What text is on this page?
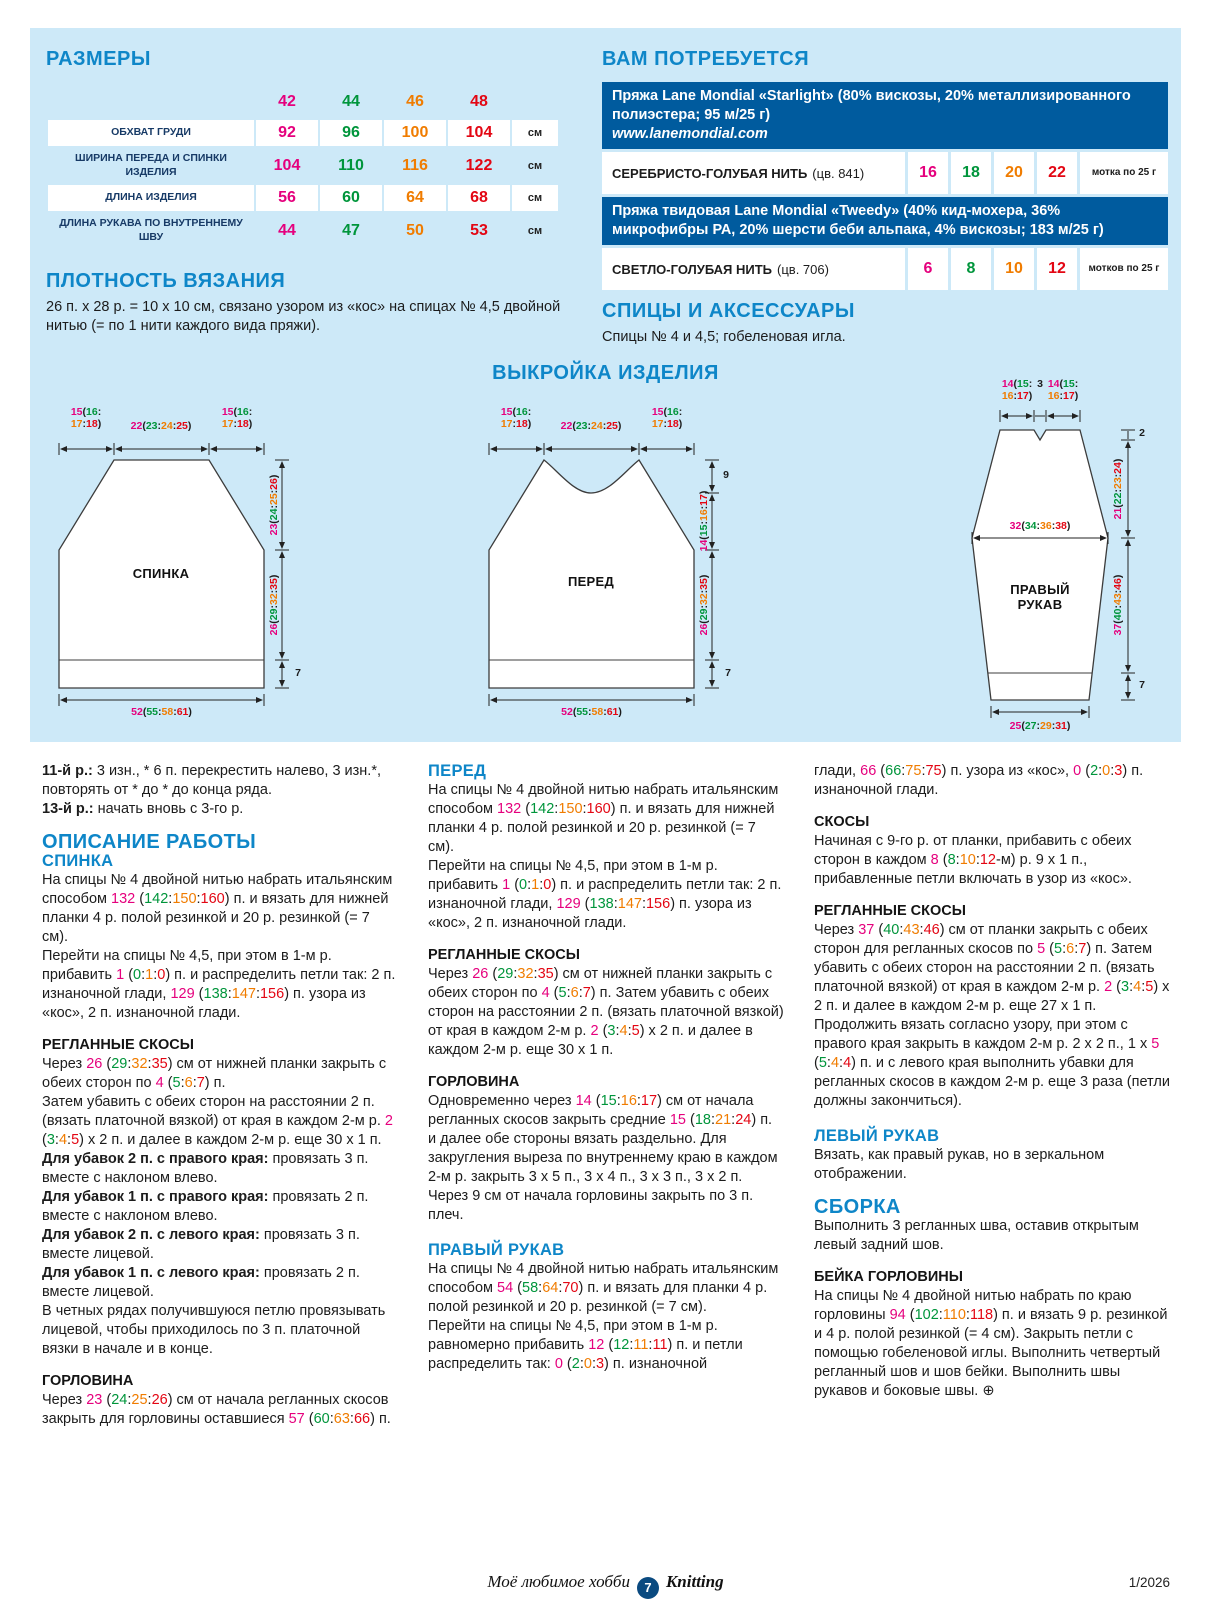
РАЗМЕРЫ
	42	44	46	48	
ОБХВАТ ГРУДИ	92	96	100	104	см
ШИРИНА ПЕРЕДА И СПИНКИ ИЗДЕЛИЯ	104	110	116	122	см
ДЛИНА ИЗДЕЛИЯ	56	60	64	68	см
ДЛИНА РУКАВА ПО ВНУТРЕННЕМУ ШВУ	44	47	50	53	см
ПЛОТНОСТЬ ВЯЗАНИЯ
26 п. х 28 р. = 10 х 10 см, связано узором из «кос» на спицах № 4,5 двойной нитью (= по 1 нити каждого вида пряжи).
ВАМ ПОТРЕБУЕТСЯ
Пряжа Lane Mondial «Starlight» (80% вискозы, 20% металлизированного полиэстера; 95 м/25 г)
www.lanemondial.com
СЕРЕБРИСТО-ГОЛУБАЯ НИТЬ (цв. 841)	16	18	20	22	мотка по 25 г
Пряжа твидовая Lane Mondial «Tweedy» (40% кид-мохера, 36% микрофибры РА, 20% шерсти беби альпака, 4% вискозы; 183 м/25 г)
СВЕТЛО-ГОЛУБАЯ НИТЬ (цв. 706)	6	8	10	12	мотков по 25 г
СПИЦЫ И АКСЕССУАРЫ
Спицы № 4 и 4,5; гобеленовая игла.
ВЫКРОЙКА ИЗДЕЛИЯ
15(16:
17:18)	22(23:24:25)
15(16:
17:18)
23(24:25:26)
26(29:32:35)
7
52(55:58:61)
СПИНКА
15(16:
17:18)	22(23:24:25)
15(16:
17:18)
9
14(15:16:17)
26(29:32:35)
7
52(55:58:61)
ПЕРЕД
14(15:
16:17)
3 14(15:
16:17)
2
21(22:23:24)
37(40:43:46)
7
32(34:36:38)
ПРАВЫЙ РУКАВ
25(27:29:31)

11-й р.: 3 изн., * 6 п. перекрестить налево, 3 изн.*, повторять от * до * до конца ряда.

13-й р.: начать вновь с 3-го р.

ОПИСАНИЕ РАБОТЫ
СПИНКА

На спицы № 4 двойной нитью набрать итальянским способом 132 (142:150:160) п. и вязать для нижней планки 4 р. полой резинкой и 20 р. резинкой (= 7 см).

Перейти на спицы № 4,5, при этом в 1-м р. прибавить 1 (0:1:0) п. и распределить петли так: 2 п. изнаночной глади, 129 (138:147:156) п. узора из «кос», 2 п. изнаночной глади.

РЕГЛАННЫЕ СКОСЫ

Через 26 (29:32:35) см от нижней планки закрыть с обеих сторон по 4 (5:6:7) п.

Затем убавить с обеих сторон на расстоянии 2 п. (вязать платочной вязкой) от края в каждом 2-м р. 2 (3:4:5) х 2 п. и далее в каждом 2-м р. еще 30 х 1 п.

Для убавок 2 п. с правого края: провязать 3 п. вместе с наклоном влево.

Для убавок 1 п. с правого края: провязать 2 п. вместе с наклоном влево.

Для убавок 2 п. с левого края: провязать 3 п. вместе лицевой.

Для убавок 1 п. с левого края: провязать 2 п. вместе лицевой.

В четных рядах получившуюся петлю провязывать лицевой, чтобы приходилось по 3 п. платочной вязки в начале и в конце.

ГОРЛОВИНА

Через 23 (24:25:26) см от начала регланных скосов закрыть для горловины оставшиеся 57 (60:63:66) п.

ПЕРЕД

На спицы № 4 двойной нитью набрать итальянским способом 132 (142:150:160) п. и вязать для нижней планки 4 р. полой резинкой и 20 р. резинкой (= 7 см).

Перейти на спицы № 4,5, при этом в 1-м р. прибавить 1 (0:1:0) п. и распределить петли так: 2 п. изнаночной глади, 129 (138:147:156) п. узора из «кос», 2 п. изнаночной глади.

РЕГЛАННЫЕ СКОСЫ

Через 26 (29:32:35) см от нижней планки закрыть с обеих сторон по 4 (5:6:7) п. Затем убавить с обеих сторон на расстоянии 2 п. (вязать платочной вязкой) от края в каждом 2-м р. 2 (3:4:5) х 2 п. и далее в каждом 2-м р. еще 30 х 1 п.

ГОРЛОВИНА

Одновременно через 14 (15:16:17) см от начала регланных скосов закрыть средние 15 (18:21:24) п. и далее обе стороны вязать раздельно. Для закругления выреза по внутреннему краю в каждом 2-м р. закрыть 3 х 5 п., 3 х 4 п., 3 х 3 п., 3 х 2 п.

Через 9 см от начала горловины закрыть по 3 п. плеч.

ПРАВЫЙ РУКАВ

На спицы № 4 двойной нитью набрать итальянским способом 54 (58:64:70) п. и вязать для планки 4 р. полой резинкой и 20 р. резинкой (= 7 см).

Перейти на спицы № 4,5, при этом в 1-м р. равномерно прибавить 12 (12:11:11) п. и петли распределить так: 0 (2:0:3) п. изнаночной

глади, 66 (66:75:75) п. узора из «кос», 0 (2:0:3) п. изнаночной глади.

СКОСЫ

Начиная с 9-го р. от планки, прибавить с обеих сторон в каждом 8 (8:10:12-м) р. 9 х 1 п., прибавленные петли включать в узор из «кос».

РЕГЛАННЫЕ СКОСЫ

Через 37 (40:43:46) см от планки закрыть с обеих сторон для регланных скосов по 5 (5:6:7) п. Затем убавить с обеих сторон на расстоянии 2 п. (вязать платочной вязкой) от края в каждом 2-м р. 2 (3:4:5) х 2 п. и далее в каждом 2-м р. еще 27 х 1 п.

Продолжить вязать согласно узору, при этом с правого края закрыть в каждом 2-м р. 2 х 2 п., 1 х 5 (5:4:4) п. и с левого края выполнить убавки для регланных скосов в каждом 2-м р. еще 3 раза (петли должны закончиться).

ЛЕВЫЙ РУКАВ

Вязать, как правый рукав, но в зеркальном отображении.

СБОРКА

Выполнить 3 регланных шва, оставив открытым левый задний шов.

БЕЙКА ГОРЛОВИНЫ

На спицы № 4 двойной нитью набрать по краю горловины 94 (102:110:118) п. и вязать 9 р. резинкой и 4 р. полой резинкой (= 4 см). Закрыть петли с помощью гобеленовой иглы. Выполнить четвертый регланный шов и шов бейки. Выполнить швы рукавов и боковые швы. ⊕

Моё любимое хобби 7 Knitting	1/2026
